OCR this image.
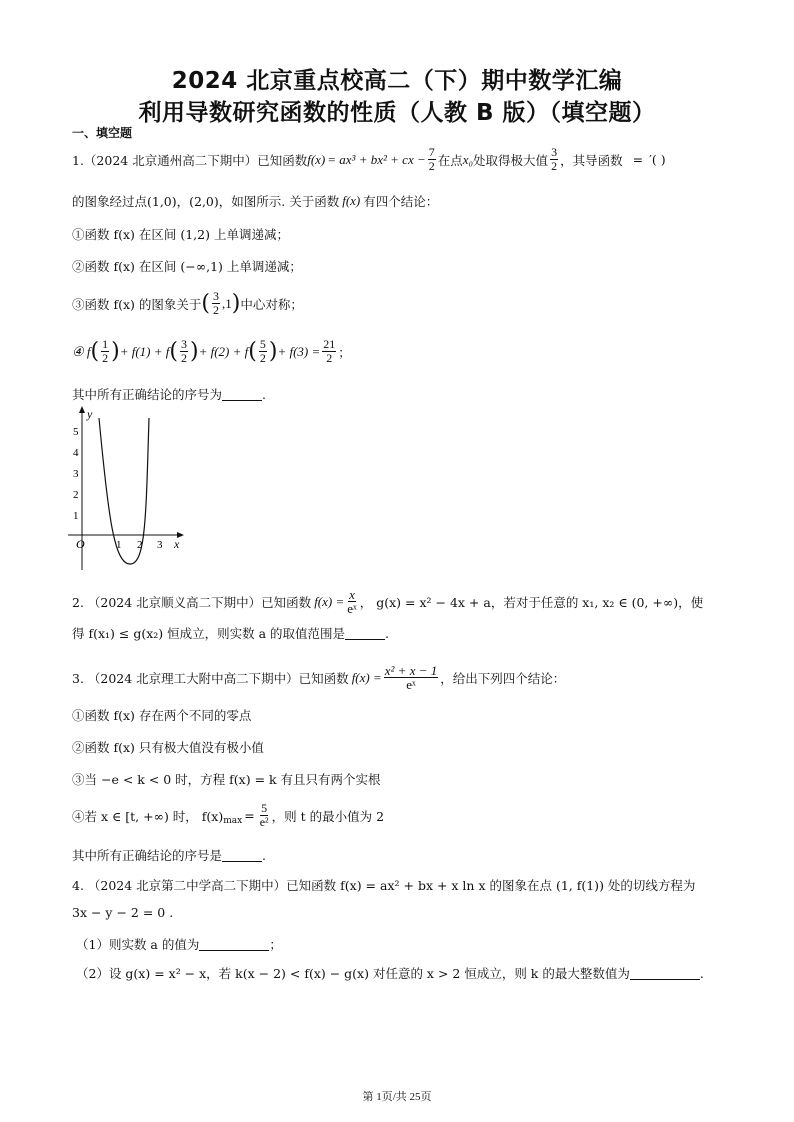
2024 北京重点校高二（下）期中数学汇编
利用导数研究函数的性质（人教 B 版）（填空题）
一、填空题
1.（2024 北京通州高二下期中）已知函数 f(x) = ax³ + bx² + cx − $\frac{7}{2}$ 在点 x₀ 处取得极大值 $\frac{3}{2}$ ，其导函数 = ′( )
的图象经过点(1,0)，(2,0)，如图所示. 关于函数 f(x) 有四个结论：
①函数 f(x) 在区间 (1,2) 上单调递减；
②函数 f(x) 在区间 (−∞,1) 上单调递减；
③函数 f(x) 的图象关于 ( $\frac{3}{2} ,1$ ) 中心对称；
④ f ( $\frac{1}{2}$ ) + f(1) + f ( $\frac{3}{2}$ ) + f(2) + f ( $\frac{5}{2}$ ) + $f(3) = \frac{21}{2}$ ；
其中所有正确结论的序号为	.
y
x
O
1
2
3
4
5
1 2 3
2. （2024 北京顺义高二下期中）已知函数 $f(x) = \frac{x}{\text{eˣ}}$ ， g(x) = x² − 4x + a，若对于任意的 x₁, x₂ ∈ (0, +∞)，使
得 f(x₁) ≤ g(x₂) 恒成立，则实数 a 的取值范围是	.
3. （2024 北京理工大附中高二下期中）已知函数 $f(x) = \frac{\text{x² + x − 1}}{\text{eˣ}}$ ，给出下列四个结论：
①函数 f(x) 存在两个不同的零点
②函数 f(x) 只有极大值没有极小值
③当 −e < k < 0 时，方程 f(x) = k 有且只有两个实根
④若 x ∈ [t, +∞) 时， $f(x)_{max} = \frac{5}{\text{e²}}$ ，则 t 的最小值为 2
其中所有正确结论的序号是	.
4. （2024 北京第二中学高二下期中）已知函数 f(x) = ax² + bx + x ln x 的图象在点 (1, f(1)) 处的切线方程为
3x − y − 2 = 0 .
（1）则实数 a 的值为	；
（2）设 g(x) = x² − x，若 k(x − 2) < f(x) − g(x) 对任意的 x > 2 恒成立，则 k 的最大整数值为	.
第 1页/共 25页
